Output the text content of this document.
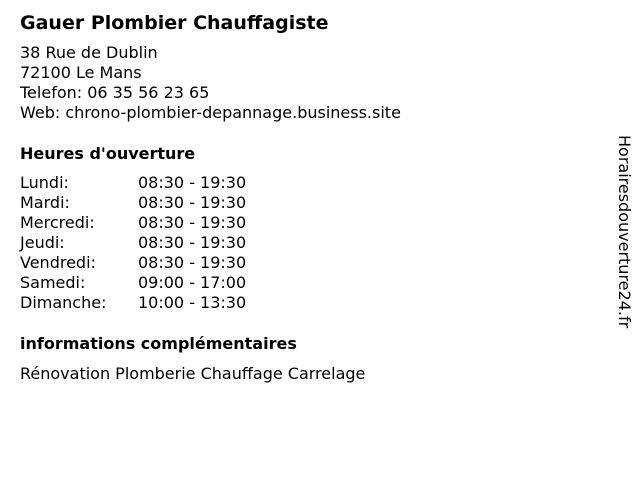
Gauer Plombier Chauffagiste
38 Rue de Dublin
72100 Le Mans
Telefon: 06 35 56 23 65
Web: chrono-plombier-depannage.business.site
Heures d'ouverture
Lundi:	08:30 - 19:30
Mardi:	08:30 - 19:30
Mercredi:	08:30 - 19:30
Jeudi:	08:30 - 19:30
Vendredi:	08:30 - 19:30
Samedi:	09:00 - 17:00
Dimanche:	10:00 - 13:30
informations complémentaires
Rénovation Plomberie Chauffage Carrelage
Horairesdouverture24.fr
